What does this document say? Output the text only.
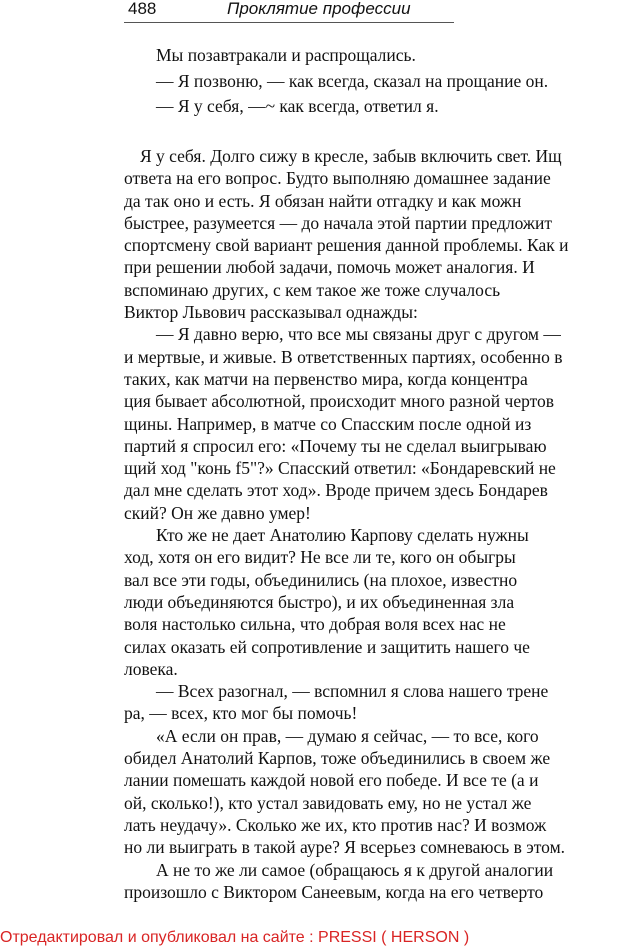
488	Проклятие профессии
Мы позавтракали и распрощались.
— Я позвоню, — как всегда, сказал на прощание он.
— Я у себя, —~ как всегда, ответил я.
Я у себя. Долго сижу в кресле, забыв включить свет. Ищ
ответа на его вопрос. Будто выполняю домашнее задание
да так оно и есть. Я обязан найти отгадку и как можн
быстрее, разумеется — до начала этой партии предложит
спортсмену свой вариант решения данной проблемы. Как и
при решении любой задачи, помочь может аналогия. И
вспоминаю других, с кем такое же тоже случалось
Виктор Львович рассказывал однажды:
— Я давно верю, что все мы связаны друг с другом —
и мертвые, и живые. В ответственных партиях, особенно в
таких, как матчи на первенство мира, когда концентра
ция бывает абсолютной, происходит много разной чертов
щины. Например, в матче со Спасским после одной из
партий я спросил его: «Почему ты не сделал выигрываю
щий ход "конь f5"?» Спасский ответил: «Бондаревский не
дал мне сделать этот ход». Вроде причем здесь Бондарев
ский? Он же давно умер!
Кто же не дает Анатолию Карпову сделать нужны
ход, хотя он его видит? Не все ли те, кого он обыгры
вал все эти годы, объединились (на плохое, известно
люди объединяются быстро), и их объединенная зла
воля настолько сильна, что добрая воля всех нас не
силах оказать ей сопротивление и защитить нашего че
ловека.
— Всех разогнал, — вспомнил я слова нашего трене
ра, — всех, кто мог бы помочь!
«А если он прав, — думаю я сейчас, — то все, кого
обидел Анатолий Карпов, тоже объединились в своем же
лании помешать каждой новой его победе. И все те (а и
ой, сколько!), кто устал завидовать ему, но не устал же
лать неудачу». Сколько же их, кто против нас? И возмож
но ли выиграть в такой ауре? Я всерьез сомневаюсь в этом.
А не то же ли самое (обращаюсь я к другой аналогии
произошло с Виктором Санеевым, когда на его четверто
Отредактировал и опубликовал на сайте : PRESSI ( HERSON )
